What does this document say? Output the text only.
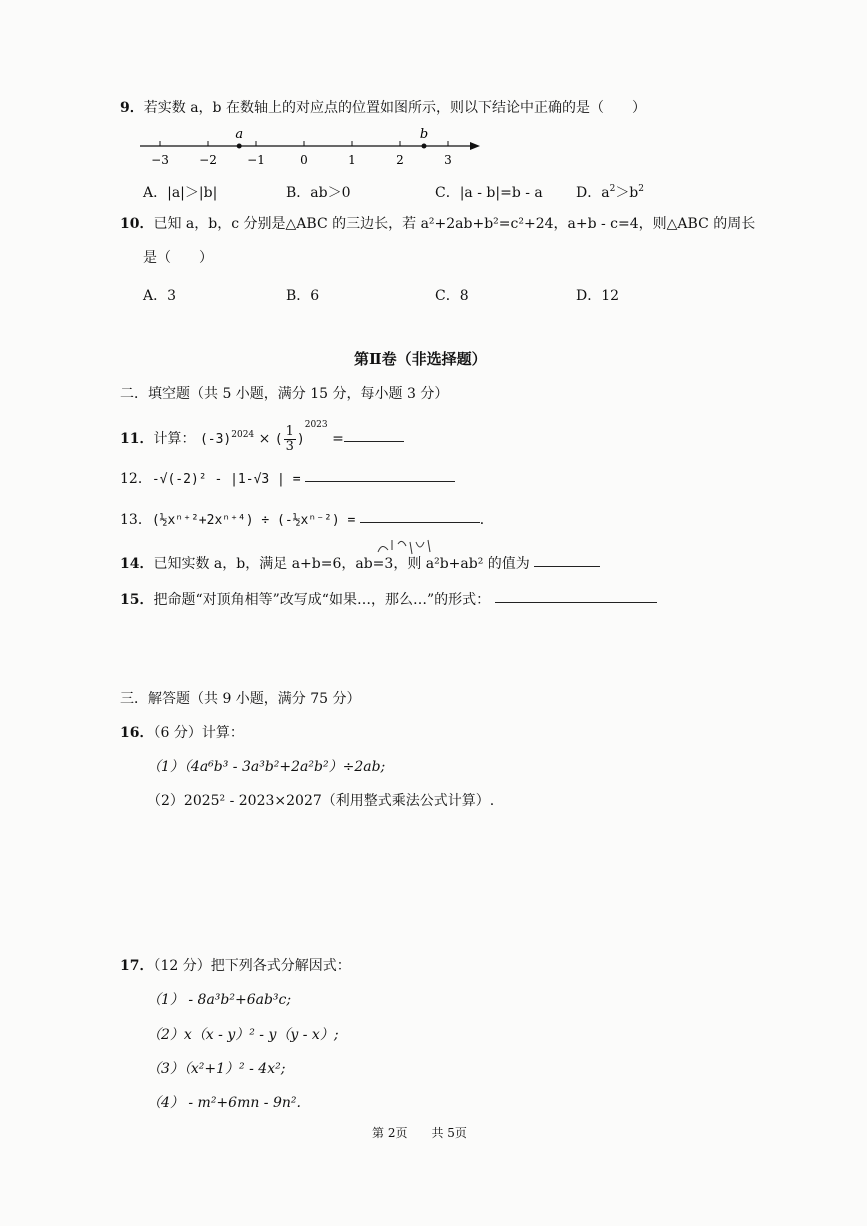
9．若实数 a，b 在数轴上的对应点的位置如图所示，则以下结论中正确的是（　　）
−3	−2	−1	0	1	2	3
a	b
A．|a|＞|b|	B．ab＞0	C．|a - b|=b - a D．$a^2>b^2$
10．已知 a，b，c 分别是△ABC 的三边长，若 a²+2ab+b²=c²+24，a+b - c=4，则△ABC 的周长
是（　　）
A．3	B．6	C．8	D．12
第Ⅱ卷（非选择题）
二．填空题（共 5 小题，满分 15 分，每小题 3 分）
11．计算： $(-3)^{2024}$ × ( $\frac{1}{3} )^{2023}$ =
12．-√(-2)² - |1-√3 | =
13．(½xⁿ⁺²+2xⁿ⁺⁴) ÷ (-½xⁿ⁻²) =	．
14．已知实数 a，b，满足 a+b=6，ab=3，则 a²b+ab² 的值为
15．把命题“对顶角相等”改写成“如果…，那么…”的形式：
三．解答题（共 9 小题，满分 75 分）
16．（6 分）计算：
（1）（4a⁶b³ - 3a³b²+2a²b²）÷2ab;
（2）2025² - 2023×2027（利用整式乘法公式计算）.
17．（12 分）把下列各式分解因式：
（1） - 8a³b²+6ab³c;
（2）x（x - y）² - y（y - x）;
（3）（x²+1）² - 4x²;
（4） - m²+6mn - 9n².
第 2页　　共 5页
